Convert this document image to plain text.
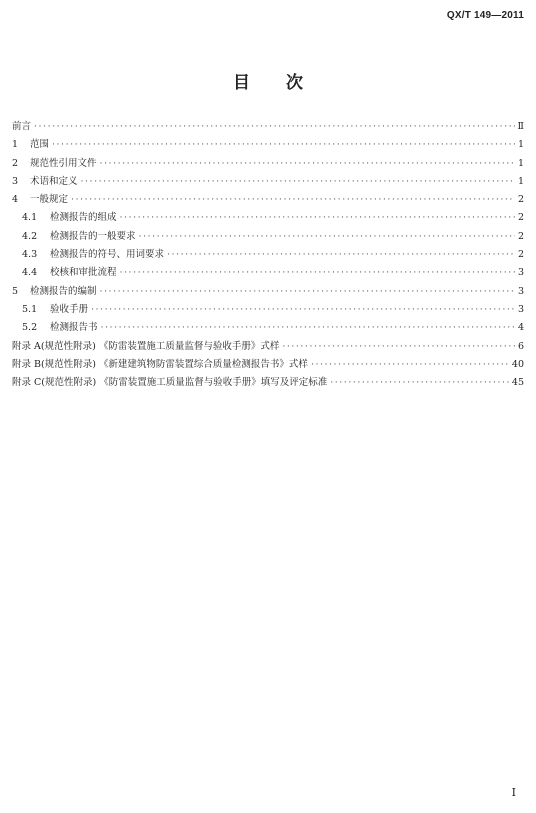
QX/T 149—2011
目 次
前言 ·····	Ⅱ
1 范围 ·····	1
2 规范性引用文件 ·····	1
3 术语和定义 ·····	1
4 一般规定 ·····	2
4.1 检测报告的组成 ·····	2
4.2 检测报告的一般要求 ·····	2
4.3 检测报告的符号、用词要求 ·····	2
4.4 校核和审批流程 ·····	3
5 检测报告的编制 ·····	3
5.1 验收手册 ·····	3
5.2 检测报告书 ·····	4
附录 A(规范性附录) 《防雷装置施工质量监督与验收手册》式样 ·····	6
附录 B(规范性附录) 《新建建筑物防雷装置综合质量检测报告书》式样 ·····	40
附录 C(规范性附录) 《防雷装置施工质量监督与验收手册》填写及评定标准 ·····	45
Ⅰ
